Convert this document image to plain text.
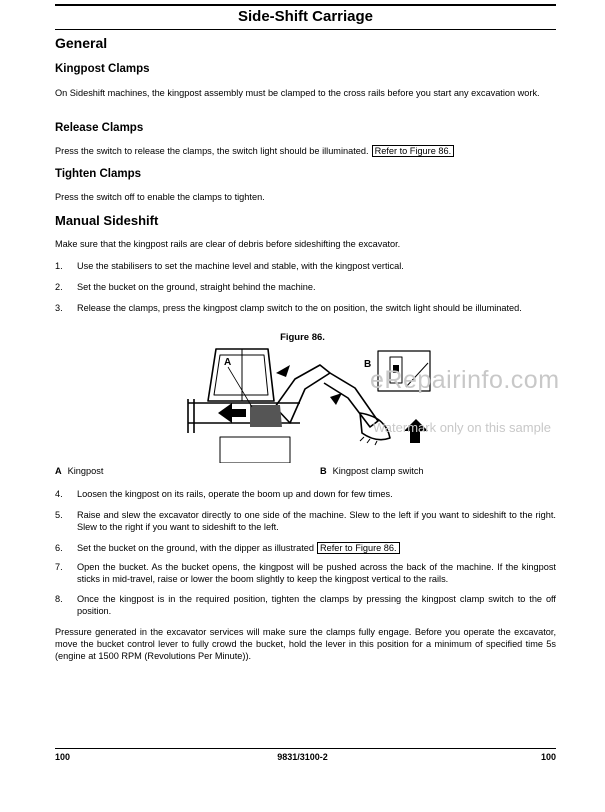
Side-Shift Carriage
General
Kingpost Clamps
On Sideshift machines, the kingpost assembly must be clamped to the cross rails before you start any excavation work.
Release Clamps
Press the switch to release the clamps, the switch light should be illuminated. Refer to Figure 86.
Tighten Clamps
Press the switch off to enable the clamps to tighten.
Manual Sideshift
Make sure that the kingpost rails are clear of debris before sideshifting the excavator.
1.	Use the stabilisers to set the machine level and stable, with the kingpost vertical.
2.	Set the bucket on the ground, straight behind the machine.
3.	Release the clamps, press the kingpost clamp switch to the on position, the switch light should be illuminated.
Figure 86.
A	B
eRepairinfo.com
Watermark only on this sample
A Kingpost	B Kingpost clamp switch
4.	Loosen the kingpost on its rails, operate the boom up and down for few times.
5.	Raise and slew the excavator directly to one side of the machine. Slew to the left if you want to sideshift to the right. Slew to the right if you want to sideshift to the left.
6.	Set the bucket on the ground, with the dipper as illustrated Refer to Figure 86.
7.	Open the bucket. As the bucket opens, the kingpost will be pushed across the back of the machine. If the kingpost sticks in mid-travel, raise or lower the boom slightly to keep the kingpost vertical to the rails.
8.	Once the kingpost is in the required position, tighten the clamps by pressing the kingpost clamp switch to the off position.
Pressure generated in the excavator services will make sure the clamps fully engage. Before you operate the excavator, move the bucket control lever to fully crowd the bucket, hold the lever in this position for a minimum of specified time 5s (engine at 1500 RPM (Revolutions Per Minute)).
100	9831/3100-2	100
